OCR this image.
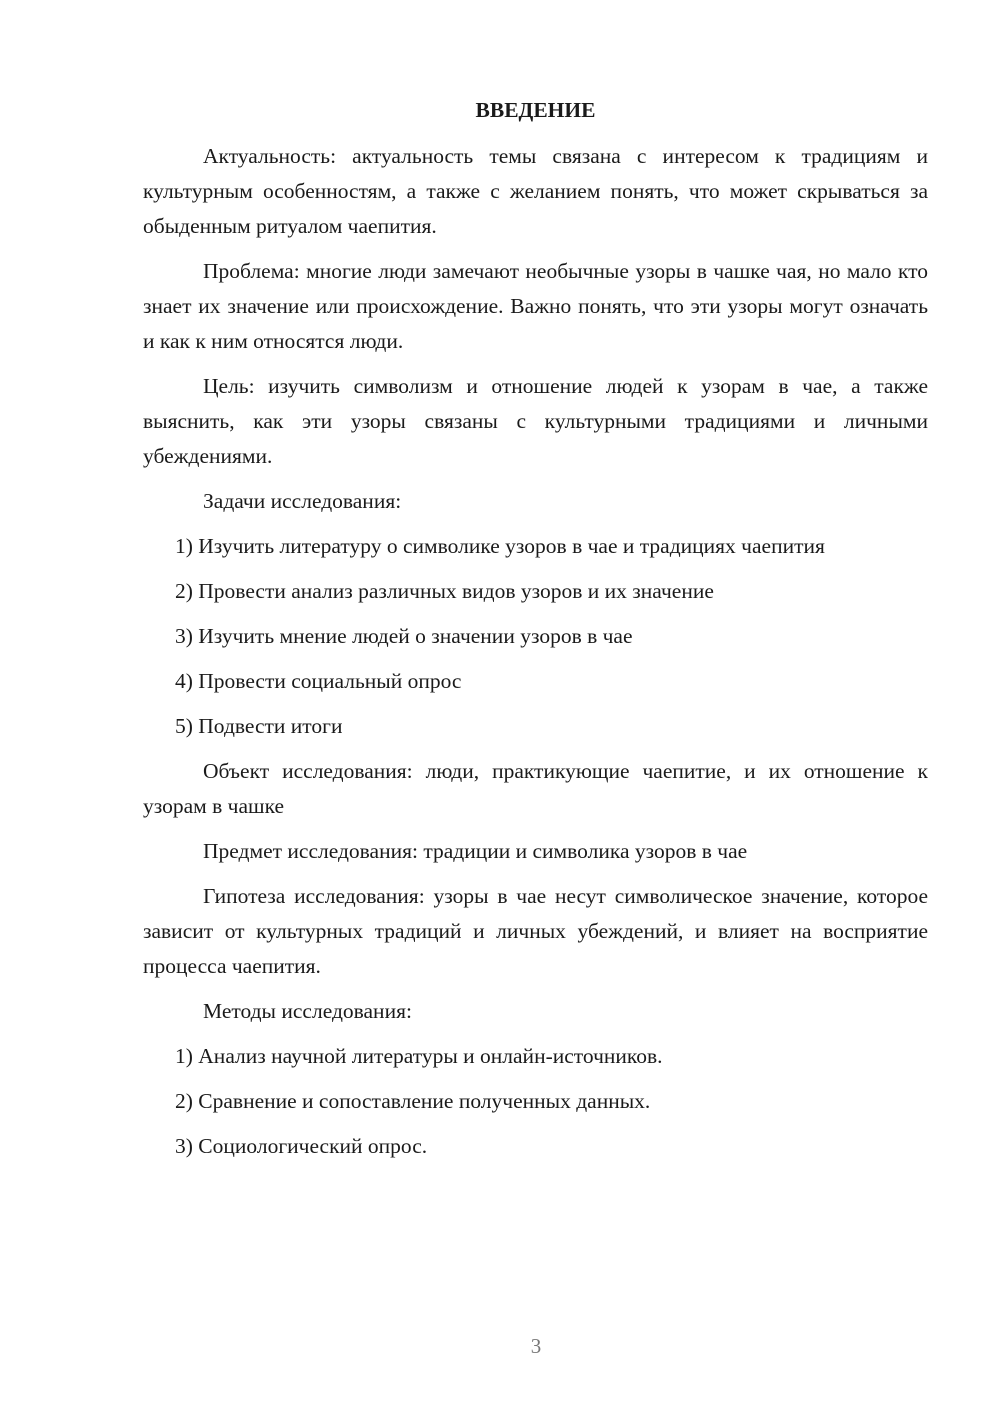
ВВЕДЕНИЕ

Актуальность: актуальность темы связана с интересом к традициям и культурным особенностям, а также с желанием понять, что может скрываться за обыденным ритуалом чаепития.

Проблема: многие люди замечают необычные узоры в чашке чая, но мало кто знает их значение или происхождение. Важно понять, что эти узоры могут означать и как к ним относятся люди.

Цель: изучить символизм и отношение людей к узорам в чае, а также выяснить, как эти узоры связаны с культурными традициями и личными убеждениями.

Задачи исследования:

1) Изучить литературу о символике узоров в чае и традициях чаепития

2) Провести анализ различных видов узоров и их значение

3) Изучить мнение людей о значении узоров в чае

4) Провести социальный опрос

5) Подвести итоги

Объект исследования: люди, практикующие чаепитие, и их отношение к узорам в чашке

Предмет исследования: традиции и символика узоров в чае

Гипотеза исследования: узоры в чае несут символическое значение, которое зависит от культурных традиций и личных убеждений, и влияет на восприятие процесса чаепития.

Методы исследования:

1) Анализ научной литературы и онлайн-источников.

2) Сравнение и сопоставление полученных данных.

3) Социологический опрос.

3
